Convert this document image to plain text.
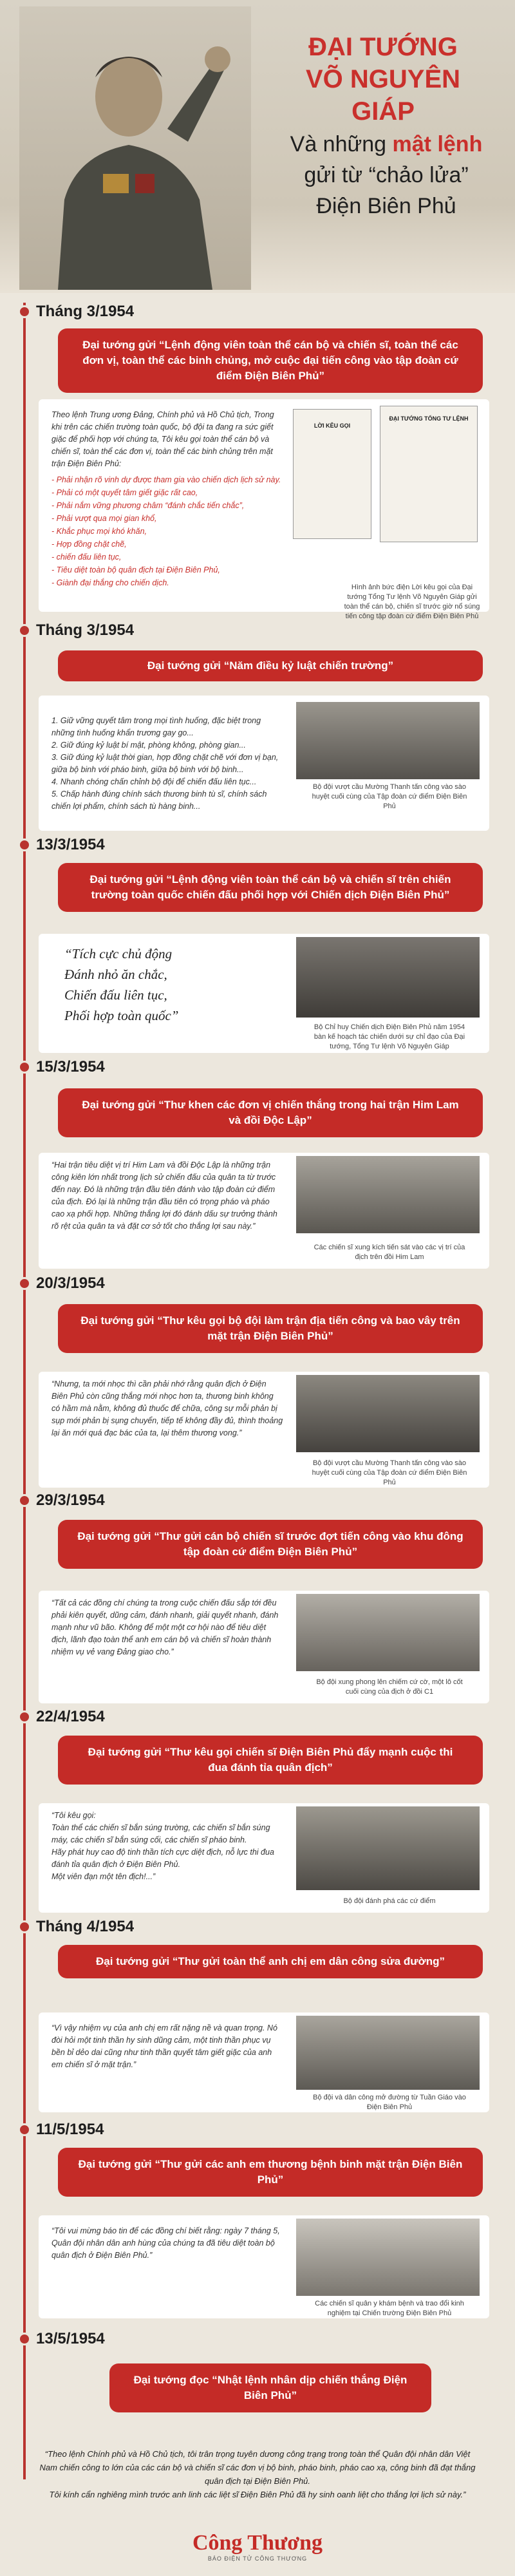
ĐẠI TƯỚNG
VÕ NGUYÊN GIÁP
Và những mật lệnh
gửi từ “chảo lửa”
Điện Biên Phủ
Tháng 3/1954
Đại tướng gửi “Lệnh động viên toàn thể cán bộ và chiến sĩ, toàn thể các đơn vị, toàn thể các binh chủng, mở cuộc đại tiến công vào tập đoàn cứ điểm Điện Biên Phủ”
Theo lệnh Trung ương Đảng, Chính phủ và Hồ Chủ tịch, Trong khi trên các chiến trường toàn quốc, bộ đội ta đang ra sức giết giặc để phối hợp với chúng ta, Tôi kêu gọi toàn thể cán bộ và chiến sĩ, toàn thể các đơn vị, toàn thể các binh chủng trên mặt trận Điện Biên Phủ:
- Phải nhận rõ vinh dự được tham gia vào chiến dịch lịch sử này.
- Phải có một quyết tâm giết giặc rất cao,
- Phải nắm vững phương châm “đánh chắc tiến chắc”,
- Phải vượt qua mọi gian khổ,
- Khắc phục mọi khó khăn,
- Hợp đồng chặt chẽ,
- chiến đấu liên tục,
- Tiêu diệt toàn bộ quân địch tại Điện Biên Phủ,
- Giành đại thắng cho chiến dịch.
LỜI KÊU GỌI
ĐẠI TƯỚNG TỔNG TƯ LỆNH
Hình ảnh bức điện Lời kêu gọi của Đại tướng Tổng Tư lệnh Võ Nguyên Giáp gửi toàn thể cán bộ, chiến sĩ trước giờ nổ súng tiến công tập đoàn cứ điểm Điện Biên Phủ
Tháng 3/1954
Đại tướng gửi “Năm điều kỷ luật chiến trường”
1. Giữ vững quyết tâm trong mọi tình huống, đặc biệt trong những tình huống khẩn trương gay go...
2. Giữ đúng kỷ luật bí mật, phòng không, phòng gian...
3. Giữ đúng kỷ luật thời gian, hợp đồng chặt chẽ với đơn vị bạn, giữa bộ binh với pháo binh, giữa bộ binh với bộ binh...
4. Nhanh chóng chấn chỉnh bộ đội để chiến đấu liên tục...
5. Chấp hành đúng chính sách thương binh tù sĩ, chính sách chiến lợi phẩm, chính sách tù hàng binh...
Bộ đội vượt cầu Mường Thanh tấn công vào sào huyệt cuối cùng của Tập đoàn cứ điểm Điện Biên Phủ
13/3/1954
Đại tướng gửi “Lệnh động viên toàn thể cán bộ và chiến sĩ trên chiến trường toàn quốc chiến đấu phối hợp với Chiến dịch Điện Biên Phủ”
“Tích cực chủ động
Đánh nhỏ ăn chắc,
Chiến đấu liên tục,
Phối hợp toàn quốc”
Bộ Chỉ huy Chiến dịch Điện Biên Phủ năm 1954 bàn kế hoạch tác chiến dưới sự chỉ đạo của Đại tướng, Tổng Tư lệnh Võ Nguyên Giáp
15/3/1954
Đại tướng gửi “Thư khen các đơn vị chiến thắng trong hai trận Him Lam và đồi Độc Lập”
“Hai trận tiêu diệt vị trí Him Lam và đồi Độc Lập là những trận công kiên lớn nhất trong lịch sử chiến đấu của quân ta từ trước đến nay. Đó là những trận đầu tiên đánh vào tập đoàn cứ điểm của địch. Đó lại là những trận đầu tiên có trọng pháo và pháo cao xạ phối hợp. Những thắng lợi đó đánh dấu sự trưởng thành rõ rệt của quân ta và đặt cơ sở tốt cho thắng lợi sau này.”
Các chiến sĩ xung kích tiến sát vào các vị trí của địch trên đồi Him Lam
20/3/1954
Đại tướng gửi “Thư kêu gọi bộ đội làm trận địa tiến công và bao vây trên mặt trận Điện Biên Phủ”
“Nhưng, ta mới nhọc thì cần phải nhớ rằng quân địch ở Điện Biên Phủ còn cũng thắng mới nhọc hơn ta, thương binh không có hầm mà nằm, không đủ thuốc để chữa, công sự mỗi phản bị sụp mới phản bị sụng chuyển, tiếp tế không đầy đủ, thình thoảng lại ăn mới quá đạc bác của ta, lại thêm thương vong.”
Bộ đội vượt cầu Mường Thanh tấn công vào sào huyệt cuối cùng của Tập đoàn cứ điểm Điện Biên Phủ
29/3/1954
Đại tướng gửi “Thư gửi cán bộ chiến sĩ trước đợt tiến công vào khu đông tập đoàn cứ điểm Điện Biên Phủ”
“Tất cả các đồng chí chúng ta trong cuộc chiến đấu sắp tới đều phải kiên quyết, dũng cảm, đánh nhanh, giải quyết nhanh, đánh mạnh như vũ bão. Không để một một cơ hội nào để tiêu diệt địch, lãnh đạo toàn thể anh em cán bộ và chiến sĩ hoàn thành nhiệm vụ vẻ vang Đảng giao cho.”
Bộ đội xung phong lên chiếm cứ cờ, một lô cốt cuối cùng của địch ở đồi C1
22/4/1954
Đại tướng gửi “Thư kêu gọi chiến sĩ Điện Biên Phủ đẩy mạnh cuộc thi đua đánh tỉa quân địch”
“Tôi kêu gọi:
Toàn thể các chiến sĩ bắn súng trường, các chiến sĩ bắn súng máy, các chiến sĩ bắn súng cối, các chiến sĩ pháo binh.
Hãy phát huy cao độ tinh thần tích cực diệt địch, nỗ lực thi đua đánh tỉa quân địch ở Điện Biên Phủ.
Một viên đạn một tên địch!...”
Bộ đội đánh phá các cứ điểm
Tháng 4/1954
Đại tướng gửi “Thư gửi toàn thể anh chị em dân công sửa đường”
“Vì vậy nhiệm vụ của anh chị em rất nặng nề và quan trọng. Nó đòi hỏi một tinh thần hy sinh dũng cảm, một tinh thần phục vụ bền bỉ dẻo dai cũng như tinh thần quyết tâm giết giặc của anh em chiến sĩ ở mặt trận.”
Bộ đội và dân công mở đường từ Tuần Giáo vào Điện Biên Phủ
11/5/1954
Đại tướng gửi “Thư gửi các anh em thương bệnh binh mặt trận Điện Biên Phủ”
“Tôi vui mừng báo tin để các đồng chí biết rằng: ngày 7 tháng 5, Quân đội nhân dân anh hùng của chúng ta đã tiêu diệt toàn bộ quân địch ở Điện Biên Phủ.”
Các chiến sĩ quân y khám bệnh và trao đổi kinh nghiệm tại Chiến trường Điện Biên Phủ
13/5/1954
Đại tướng đọc “Nhật lệnh nhân dịp chiến thắng Điện Biên Phủ”
“Theo lệnh Chính phủ và Hồ Chủ tịch, tôi trân trọng tuyên dương công trạng trong toàn thể Quân đội nhân dân Việt Nam chiến công to lớn của các cán bộ và chiến sĩ các đơn vị bộ binh, pháo binh, pháo cao xạ, công binh đã đạt thắng quân địch tại Điện Biên Phủ.
Tôi kính cẩn nghiêng mình trước anh linh các liệt sĩ Điện Biên Phủ đã hy sinh oanh liệt cho thắng lợi lịch sử này.”
Công Thương
BÁO ĐIỆN TỬ CÔNG THƯƠNG
